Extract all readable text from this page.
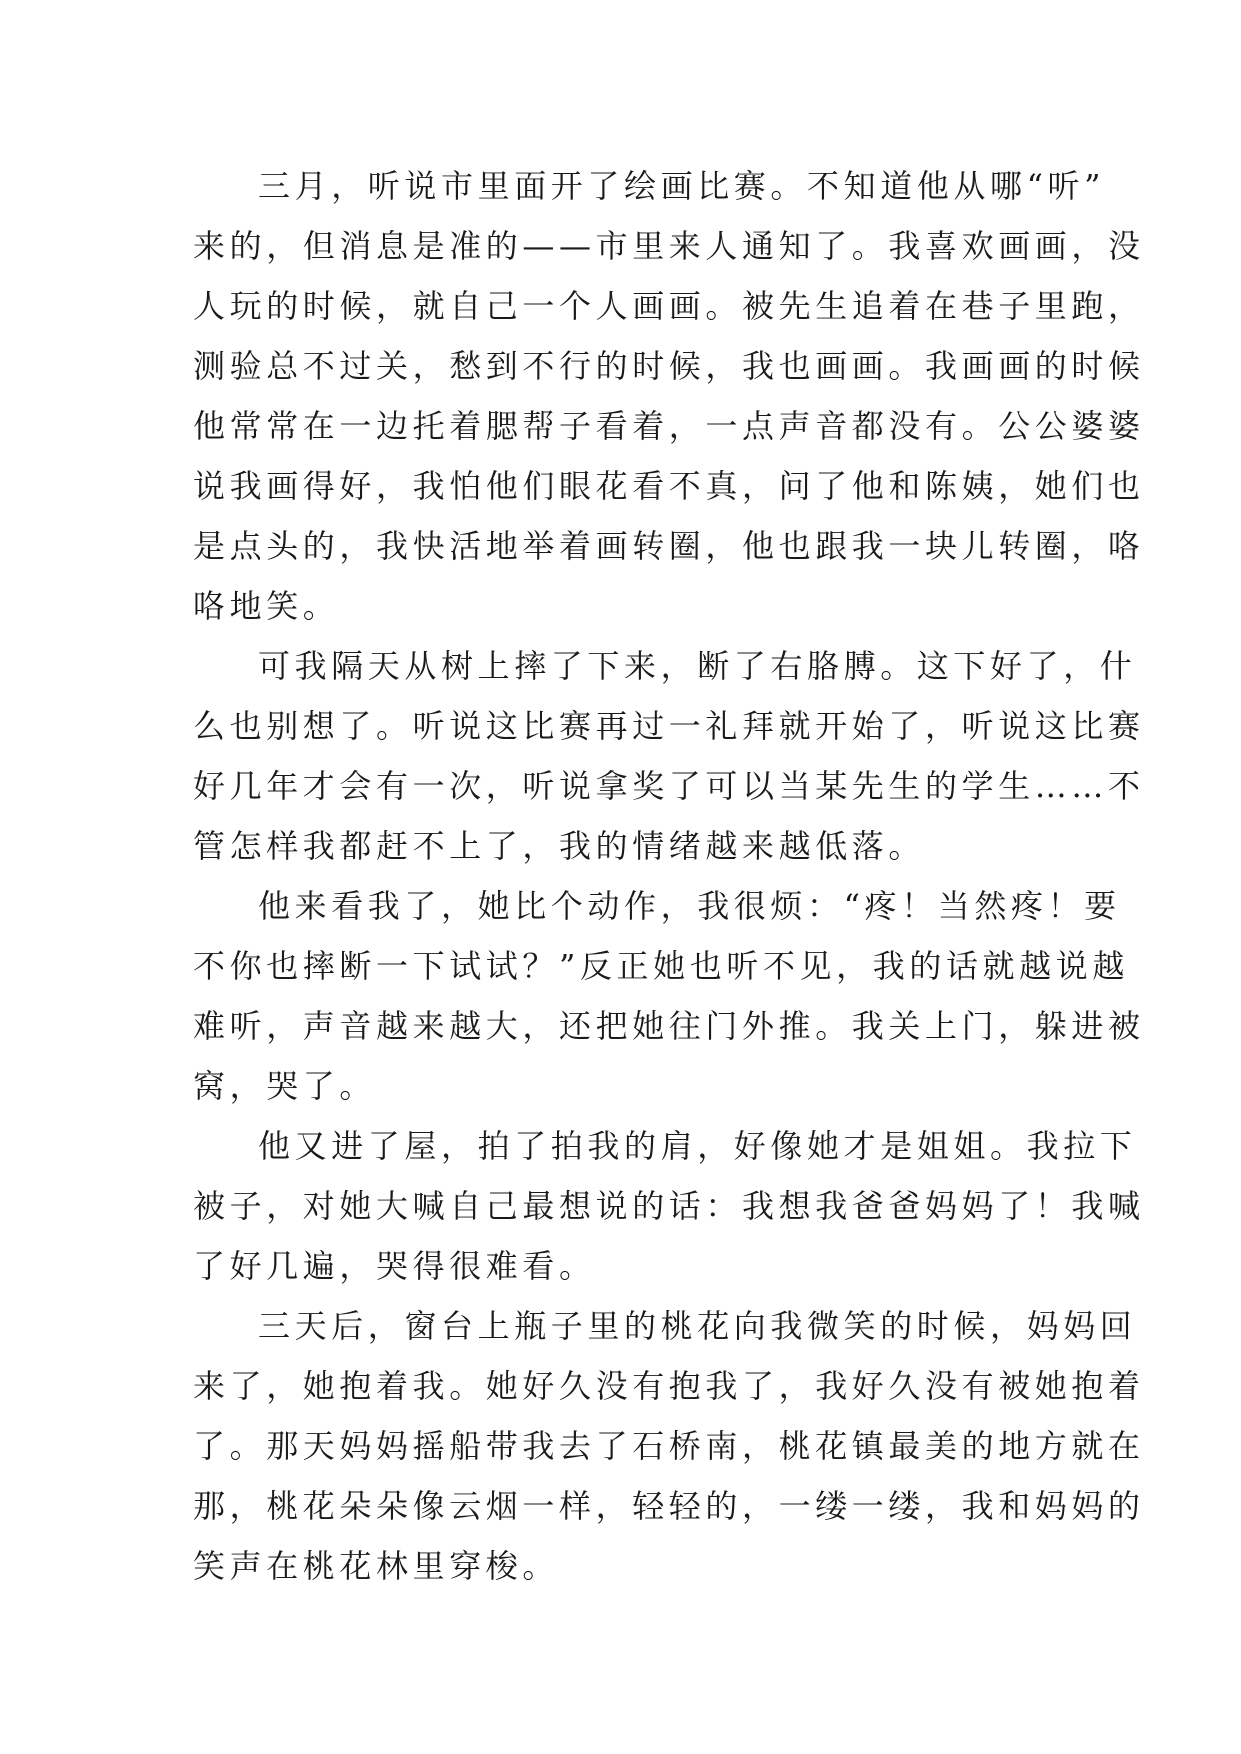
三月，听说市里面开了绘画比赛。不知道他从哪“听”
来的，但消息是准的——市里来人通知了。我喜欢画画，没
人玩的时候，就自己一个人画画。被先生追着在巷子里跑，
测验总不过关，愁到不行的时候，我也画画。我画画的时候
他常常在一边托着腮帮子看着，一点声音都没有。公公婆婆
说我画得好，我怕他们眼花看不真，问了他和陈姨，她们也
是点头的，我快活地举着画转圈，他也跟我一块儿转圈，咯
咯地笑。

可我隔天从树上摔了下来，断了右胳膊。这下好了，什
么也别想了。听说这比赛再过一礼拜就开始了，听说这比赛
好几年才会有一次，听说拿奖了可以当某先生的学生……不
管怎样我都赶不上了，我的情绪越来越低落。

他来看我了，她比个动作，我很烦：“疼！当然疼！要
不你也摔断一下试试？”反正她也听不见，我的话就越说越
难听，声音越来越大，还把她往门外推。我关上门，躲进被
窝，哭了。

他又进了屋，拍了拍我的肩，好像她才是姐姐。我拉下
被子，对她大喊自己最想说的话：我想我爸爸妈妈了！我喊
了好几遍，哭得很难看。

三天后，窗台上瓶子里的桃花向我微笑的时候，妈妈回
来了，她抱着我。她好久没有抱我了，我好久没有被她抱着
了。那天妈妈摇船带我去了石桥南，桃花镇最美的地方就在
那，桃花朵朵像云烟一样，轻轻的，一缕一缕，我和妈妈的
笑声在桃花林里穿梭。
